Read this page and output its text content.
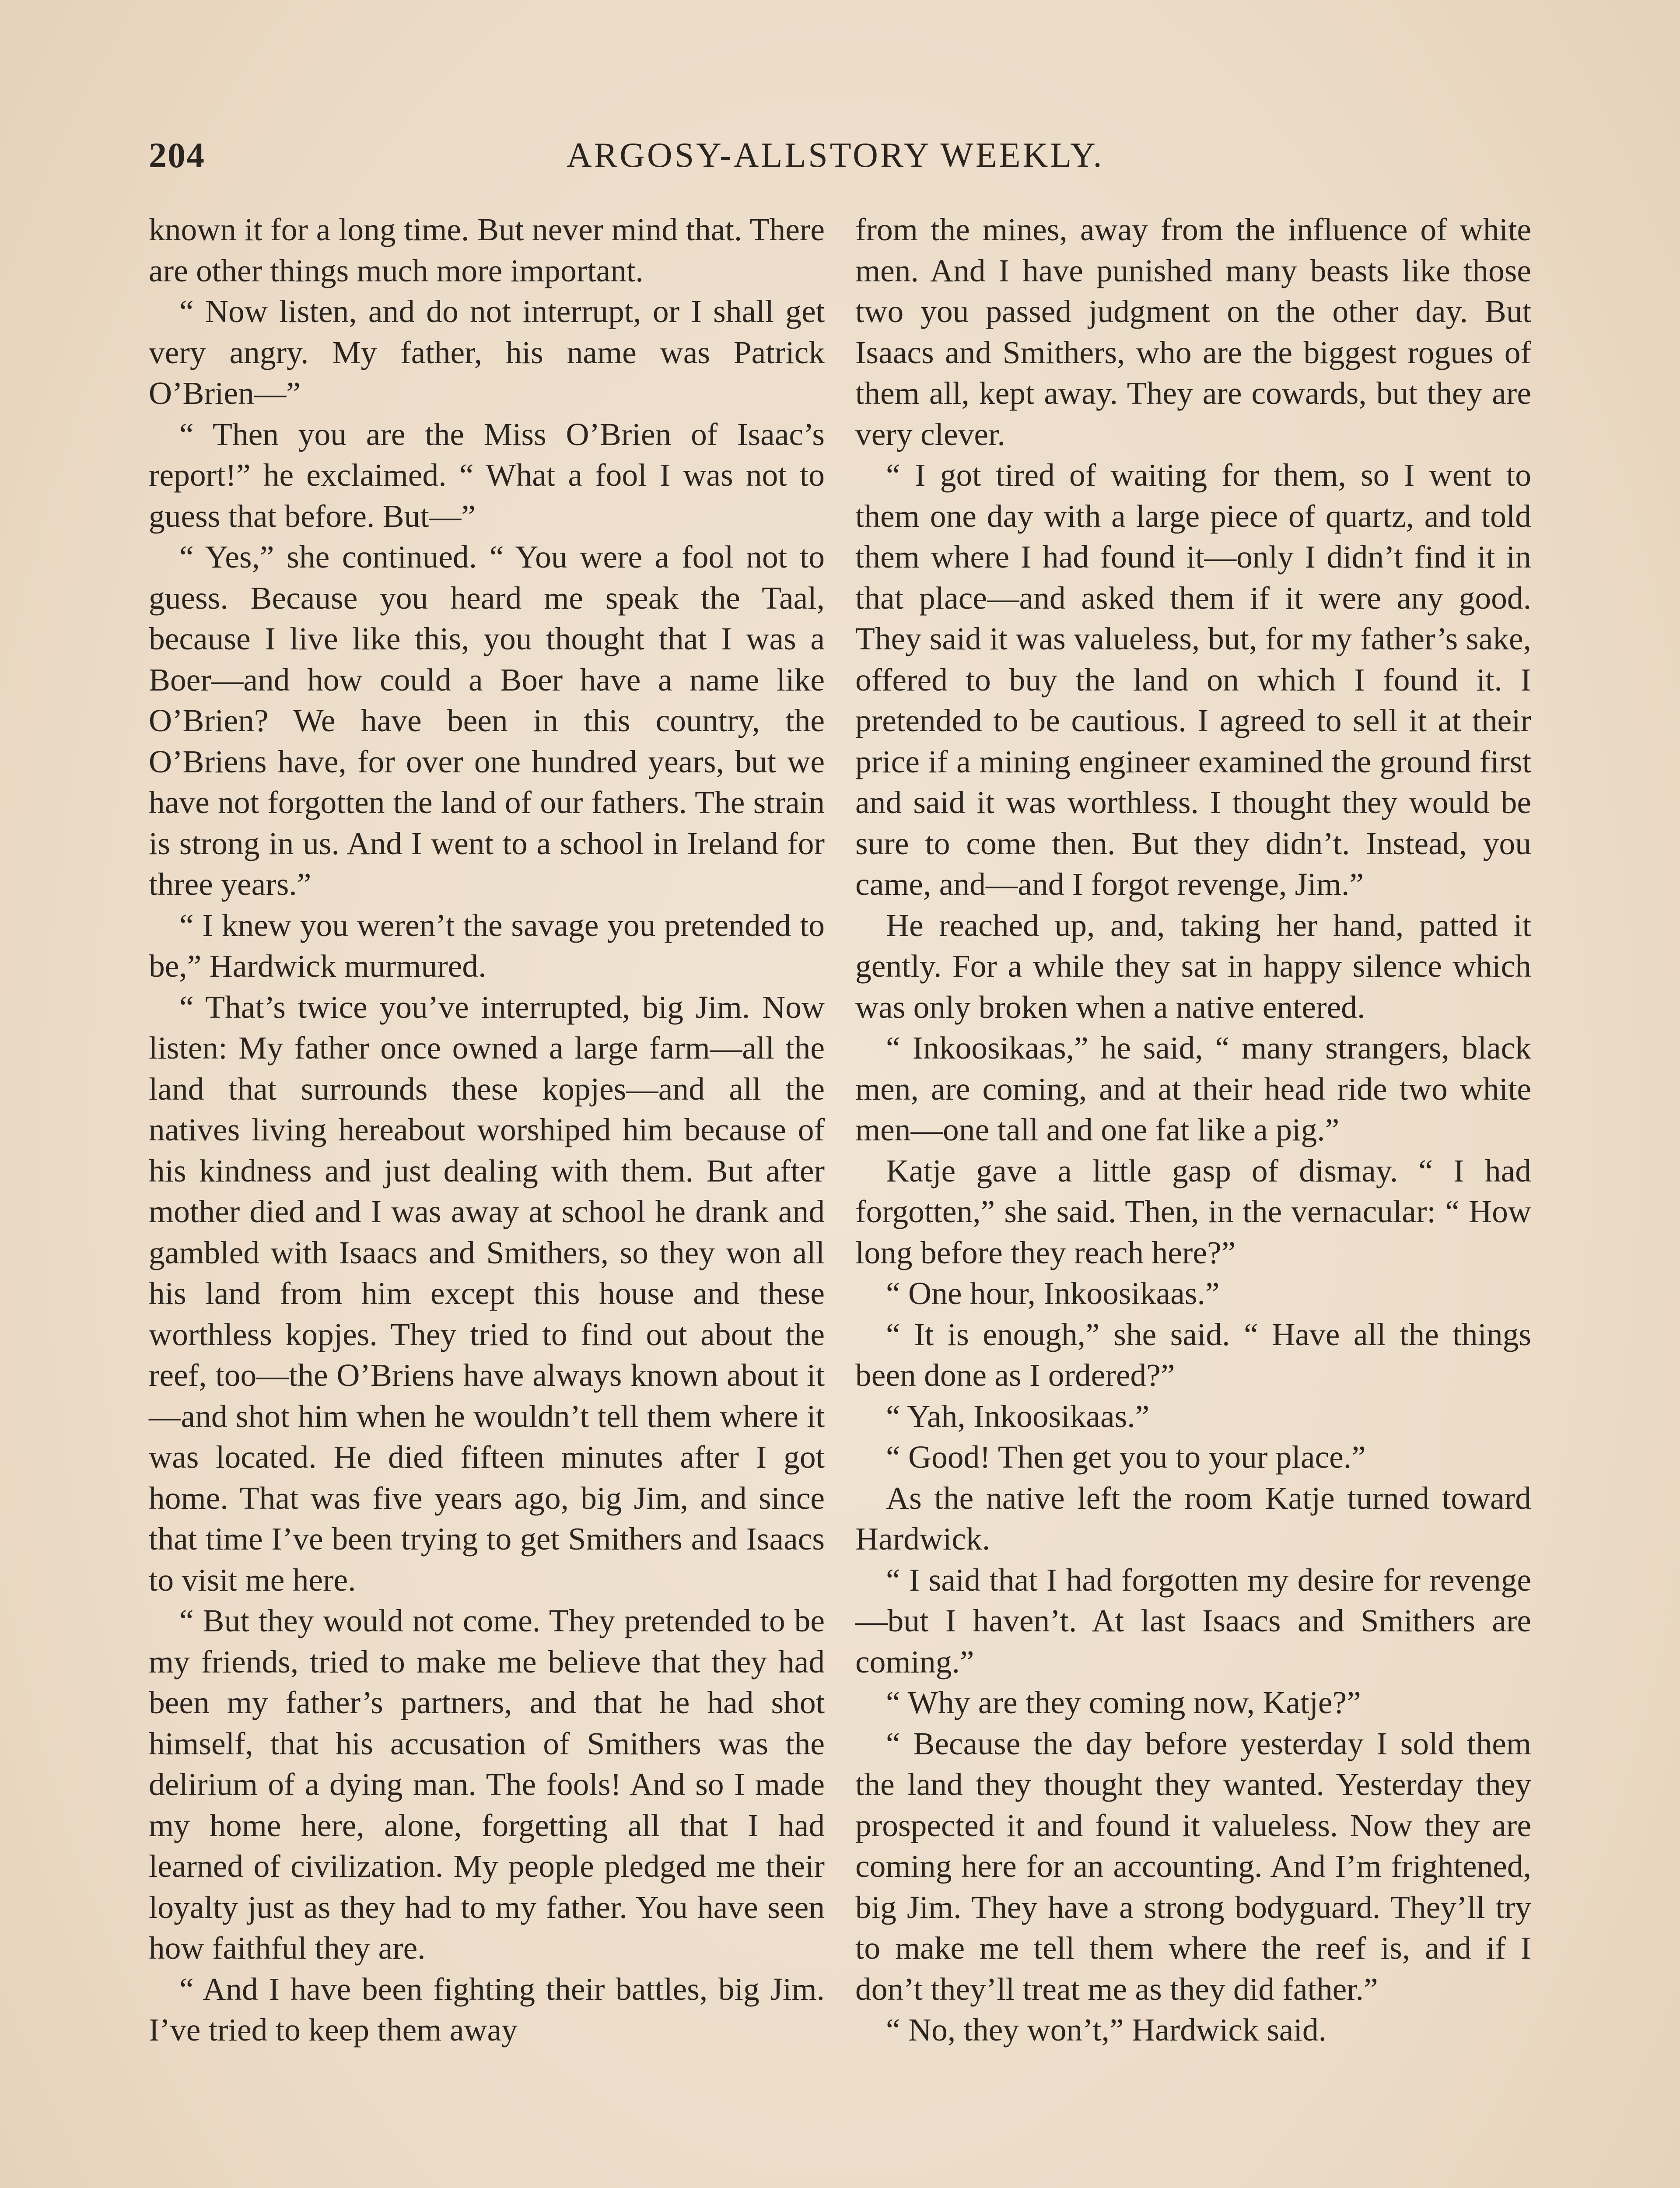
204	ARGOSY-ALLSTORY WEEKLY.

known it for a long time. But never mind that. There are other things much more important.

“ Now listen, and do not interrupt, or I shall get very angry. My father, his name was Patrick O’Brien—”

“ Then you are the Miss O’Brien of Isaac’s report!” he exclaimed. “ What a fool I was not to guess that before. But—”

“ Yes,” she continued. “ You were a fool not to guess. Because you heard me speak the Taal, because I live like this, you thought that I was a Boer—and how could a Boer have a name like O’Brien? We have been in this country, the O’Briens have, for over one hundred years, but we have not forgotten the land of our fathers. The strain is strong in us. And I went to a school in Ireland for three years.”

“ I knew you weren’t the savage you pretended to be,” Hardwick murmured.

“ That’s twice you’ve interrupted, big Jim. Now listen: My father once owned a large farm—all the land that surrounds these kopjes—and all the natives living hereabout worshiped him because of his kindness and just dealing with them. But after mother died and I was away at school he drank and gambled with Isaacs and Smithers, so they won all his land from him except this house and these worthless kopjes. They tried to find out about the reef, too—the O’Briens have always known about it—and shot him when he wouldn’t tell them where it was located. He died fifteen minutes after I got home. That was five years ago, big Jim, and since that time I’ve been trying to get Smithers and Isaacs to visit me here.

“ But they would not come. They pretended to be my friends, tried to make me believe that they had been my father’s partners, and that he had shot himself, that his accusation of Smithers was the delirium of a dying man. The fools! And so I made my home here, alone, forgetting all that I had learned of civilization. My people pledged me their loyalty just as they had to my father. You have seen how faithful they are.

“ And I have been fighting their battles, big Jim. I’ve tried to keep them away

from the mines, away from the influence of white men. And I have punished many beasts like those two you passed judgment on the other day. But Isaacs and Smithers, who are the biggest rogues of them all, kept away. They are cowards, but they are very clever.

“ I got tired of waiting for them, so I went to them one day with a large piece of quartz, and told them where I had found it—only I didn’t find it in that place—and asked them if it were any good. They said it was valueless, but, for my father’s sake, offered to buy the land on which I found it. I pretended to be cautious. I agreed to sell it at their price if a mining engineer examined the ground first and said it was worthless. I thought they would be sure to come then. But they didn’t. Instead, you came, and—and I forgot revenge, Jim.”

He reached up, and, taking her hand, patted it gently. For a while they sat in happy silence which was only broken when a native entered.

“ Inkoosikaas,” he said, “ many strangers, black men, are coming, and at their head ride two white men—one tall and one fat like a pig.”

Katje gave a little gasp of dismay. “ I had forgotten,” she said. Then, in the vernacular: “ How long before they reach here?”

“ One hour, Inkoosikaas.”

“ It is enough,” she said. “ Have all the things been done as I ordered?”

“ Yah, Inkoosikaas.”

“ Good! Then get you to your place.”

As the native left the room Katje turned toward Hardwick.

“ I said that I had forgotten my desire for revenge—but I haven’t. At last Isaacs and Smithers are coming.”

“ Why are they coming now, Katje?”

“ Because the day before yesterday I sold them the land they thought they wanted. Yesterday they prospected it and found it valueless. Now they are coming here for an accounting. And I’m frightened, big Jim. They have a strong bodyguard. They’ll try to make me tell them where the reef is, and if I don’t they’ll treat me as they did father.”

“ No, they won’t,” Hardwick said.
